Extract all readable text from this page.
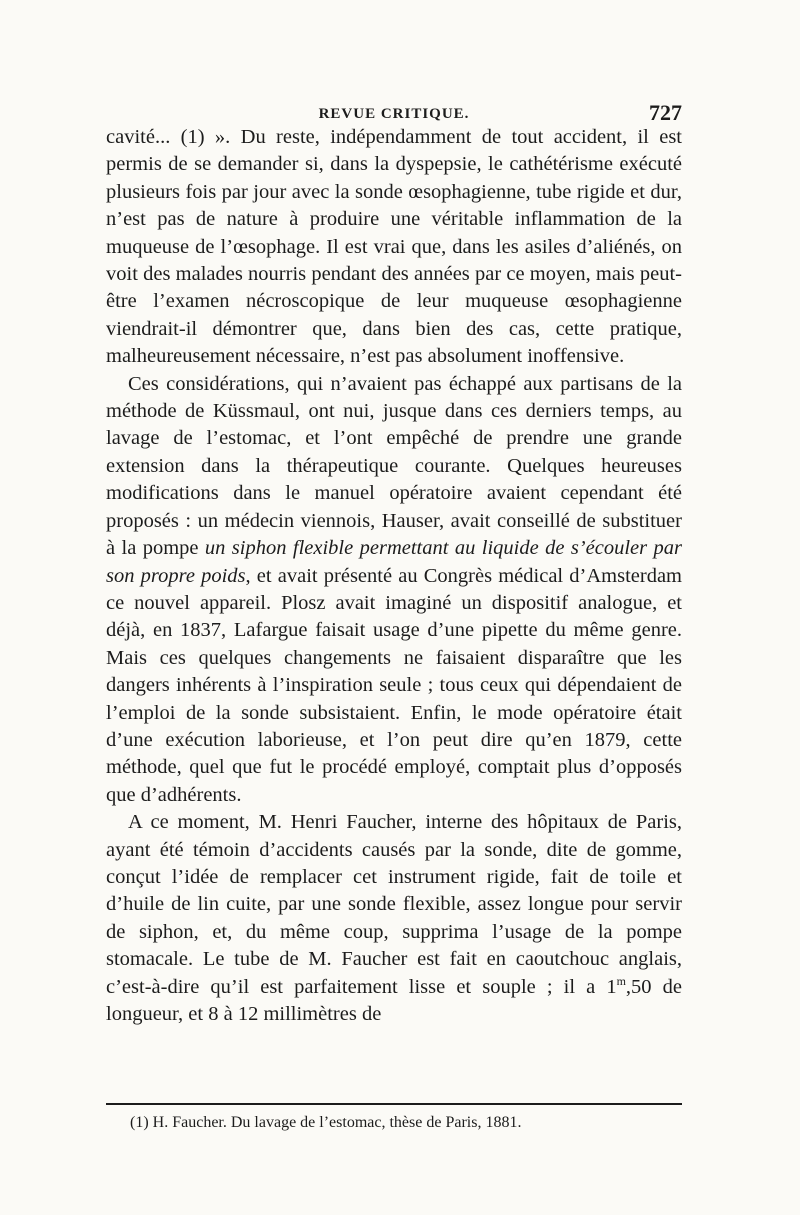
REVUE CRITIQUE.	727

cavité... (1) ». Du reste, indépendamment de tout accident, il est permis de se demander si, dans la dyspepsie, le cathétérisme exécuté plusieurs fois par jour avec la sonde œsophagienne, tube rigide et dur, n’est pas de nature à produire une véritable inflammation de la muqueuse de l’œsophage. Il est vrai que, dans les asiles d’aliénés, on voit des malades nourris pendant des années par ce moyen, mais peut-être l’examen nécroscopique de leur muqueuse œsophagienne viendrait-il démontrer que, dans bien des cas, cette pratique, malheureusement nécessaire, n’est pas absolument inoffensive.

Ces considérations, qui n’avaient pas échappé aux partisans de la méthode de Küssmaul, ont nui, jusque dans ces derniers temps, au lavage de l’estomac, et l’ont empêché de prendre une grande extension dans la thérapeutique courante. Quelques heureuses modifications dans le manuel opératoire avaient cependant été proposés : un médecin viennois, Hauser, avait conseillé de substituer à la pompe un siphon flexible permettant au liquide de s’écouler par son propre poids, et avait présenté au Congrès médical d’Amsterdam ce nouvel appareil. Plosz avait imaginé un dispositif analogue, et déjà, en 1837, Lafargue faisait usage d’une pipette du même genre. Mais ces quelques changements ne faisaient disparaître que les dangers inhérents à l’inspiration seule ; tous ceux qui dépendaient de l’emploi de la sonde subsistaient. Enfin, le mode opératoire était d’une exécution laborieuse, et l’on peut dire qu’en 1879, cette méthode, quel que fut le procédé employé, comptait plus d’opposés que d’adhérents.

A ce moment, M. Henri Faucher, interne des hôpitaux de Paris, ayant été témoin d’accidents causés par la sonde, dite de gomme, conçut l’idée de remplacer cet instrument rigide, fait de toile et d’huile de lin cuite, par une sonde flexible, assez longue pour servir de siphon, et, du même coup, supprima l’usage de la pompe stomacale. Le tube de M. Faucher est fait en caoutchouc anglais, c’est-à-dire qu’il est parfaitement lisse et souple ; il a 1$^m$,50 de longueur, et 8 à 12 millimètres de

(1) H. Faucher. Du lavage de l’estomac, thèse de Paris, 1881.
